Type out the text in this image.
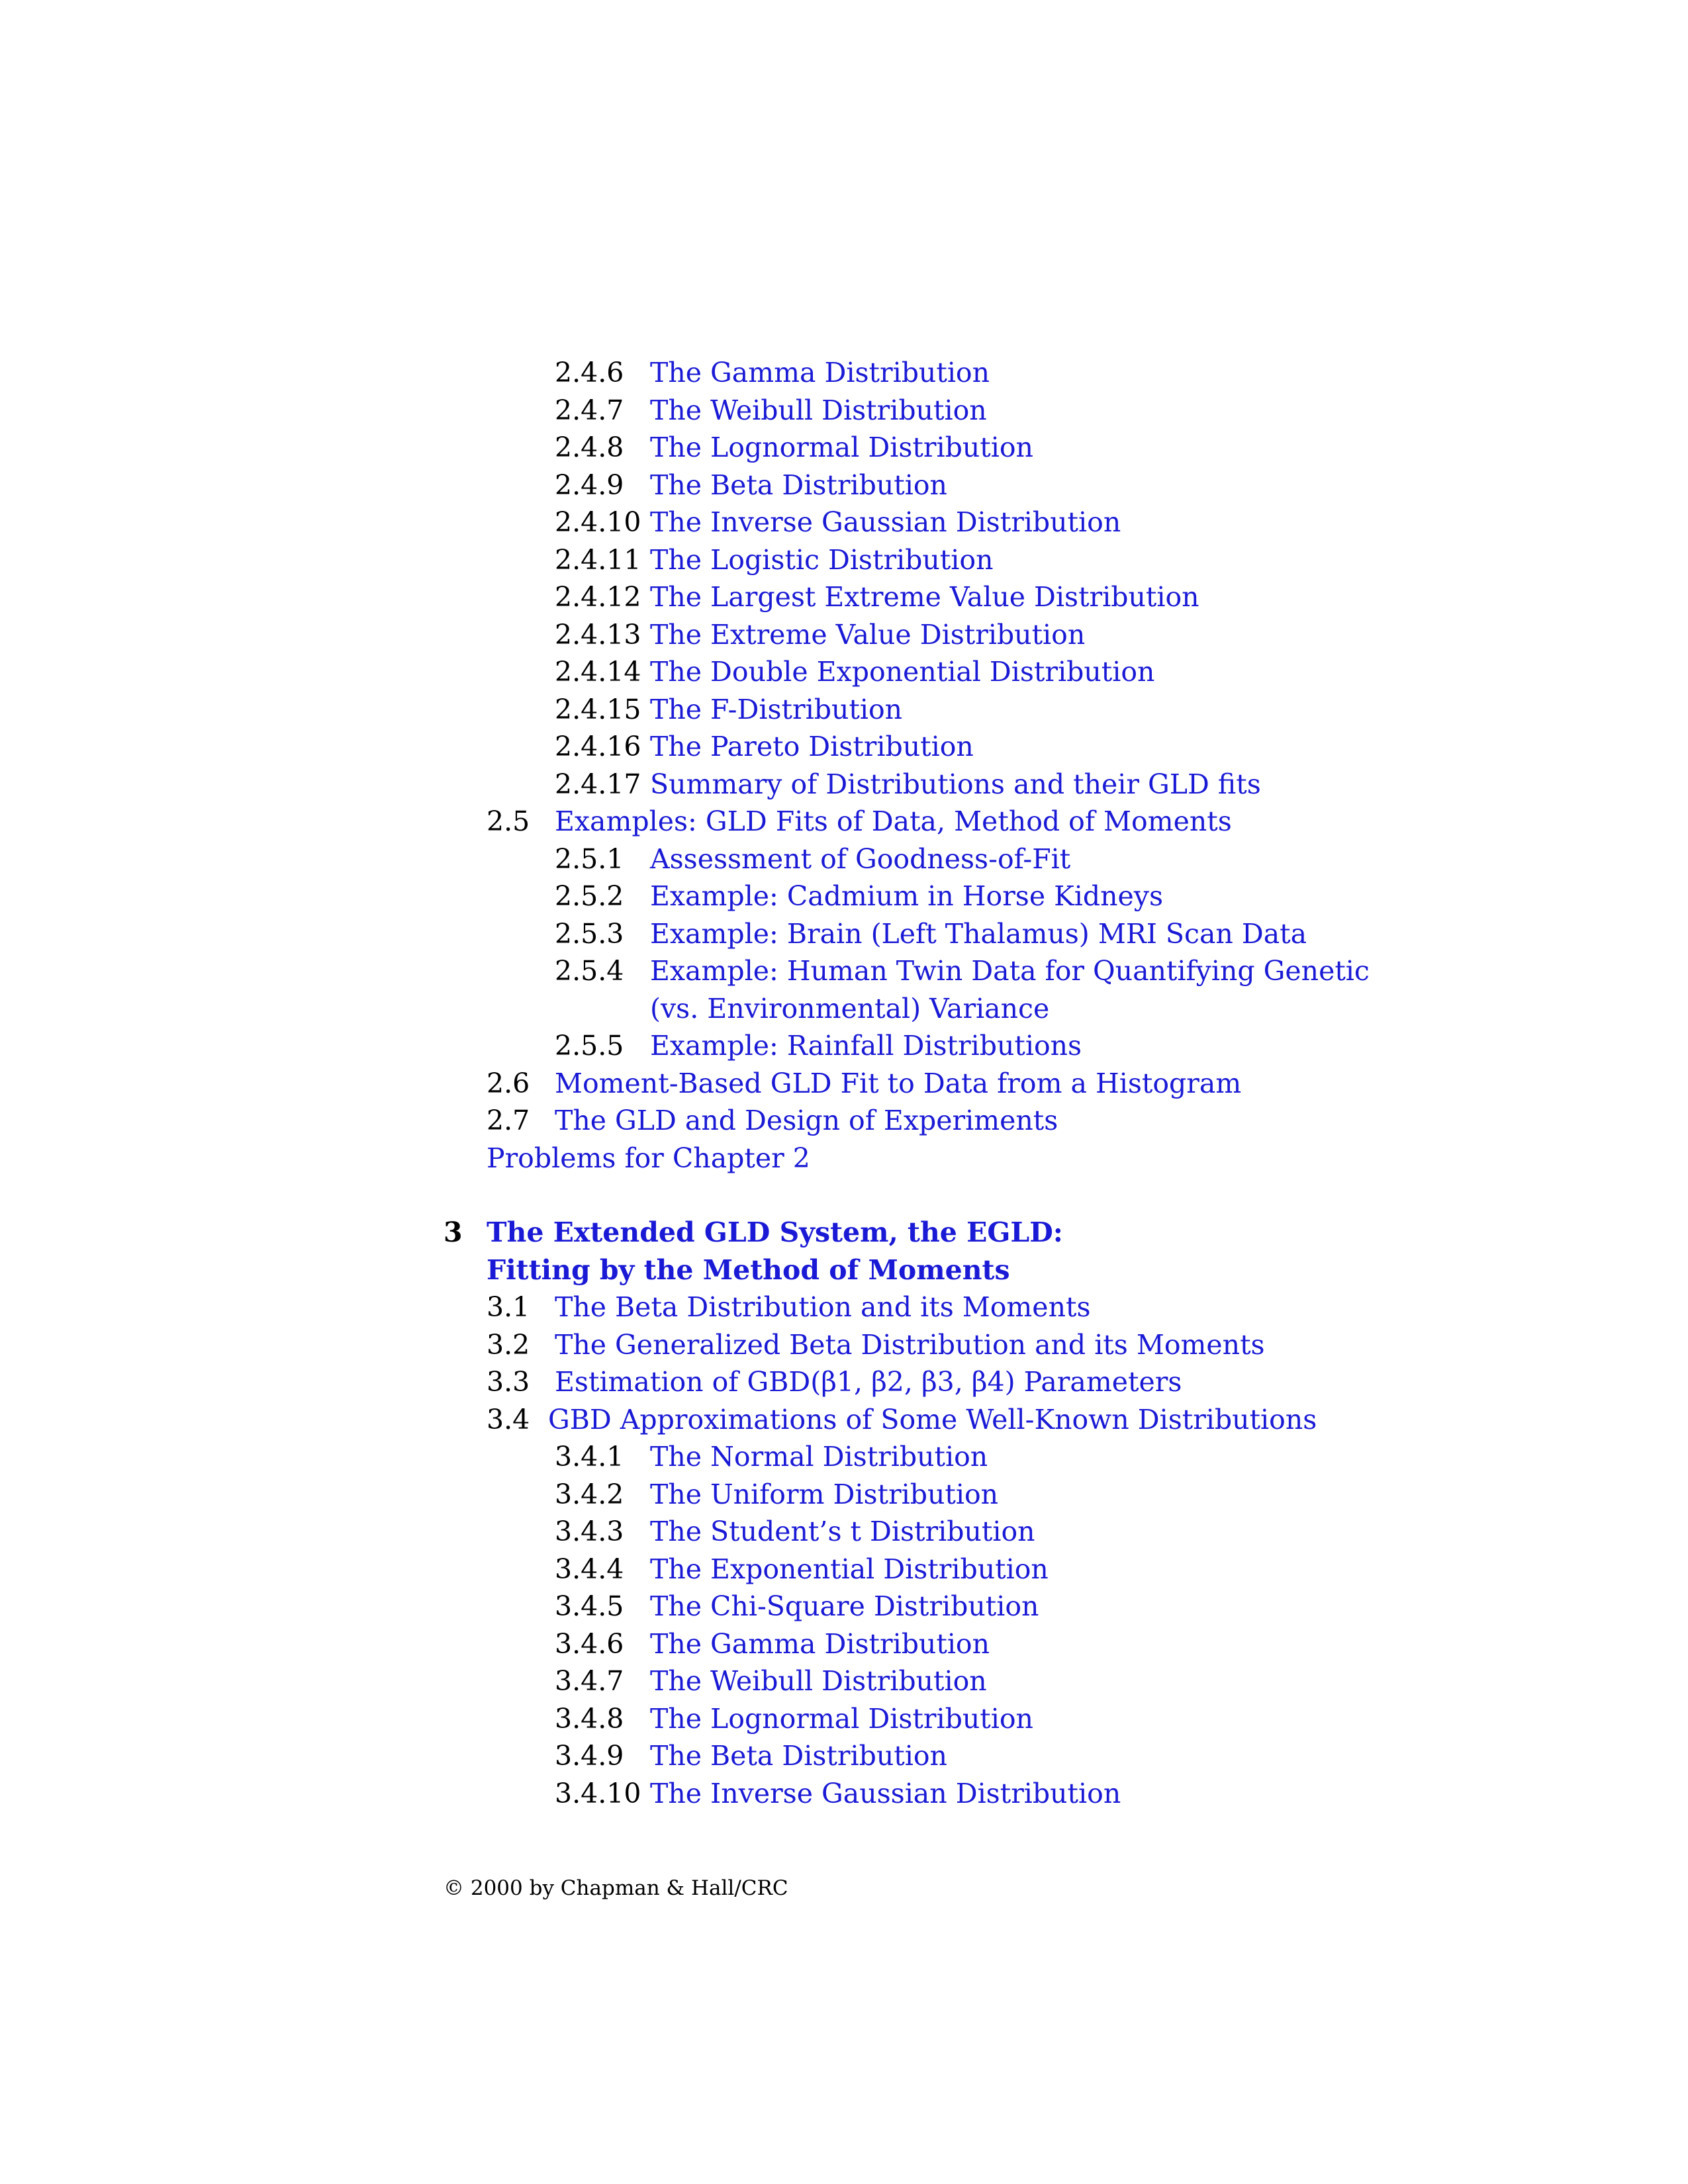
2.4.6 The Gamma Distribution
2.4.7 The Weibull Distribution
2.4.8 The Lognormal Distribution
2.4.9 The Beta Distribution
2.4.10 The Inverse Gaussian Distribution
2.4.11 The Logistic Distribution
2.4.12 The Largest Extreme Value Distribution
2.4.13 The Extreme Value Distribution
2.4.14 The Double Exponential Distribution
2.4.15 The F-Distribution
2.4.16 The Pareto Distribution
2.4.17 Summary of Distributions and their GLD fits
2.5 Examples: GLD Fits of Data, Method of Moments
2.5.1 Assessment of Goodness-of-Fit
2.5.2 Example: Cadmium in Horse Kidneys
2.5.3 Example: Brain (Left Thalamus) MRI Scan Data
2.5.4 Example: Human Twin Data for Quantifying Genetic
(vs. Environmental) Variance
2.5.5 Example: Rainfall Distributions
2.6 Moment-Based GLD Fit to Data from a Histogram
2.7 The GLD and Design of Experiments
Problems for Chapter 2
3 The Extended GLD System, the EGLD:
Fitting by the Method of Moments
3.1 The Beta Distribution and its Moments
3.2 The Generalized Beta Distribution and its Moments
3.3 Estimation of GBD(β1, β2, β3, β4) Parameters
3.4 GBD Approximations of Some Well-Known Distributions
3.4.1 The Normal Distribution
3.4.2 The Uniform Distribution
3.4.3 The Student’s t Distribution
3.4.4 The Exponential Distribution
3.4.5 The Chi-Square Distribution
3.4.6 The Gamma Distribution
3.4.7 The Weibull Distribution
3.4.8 The Lognormal Distribution
3.4.9 The Beta Distribution
3.4.10 The Inverse Gaussian Distribution
© 2000 by Chapman & Hall/CRC
